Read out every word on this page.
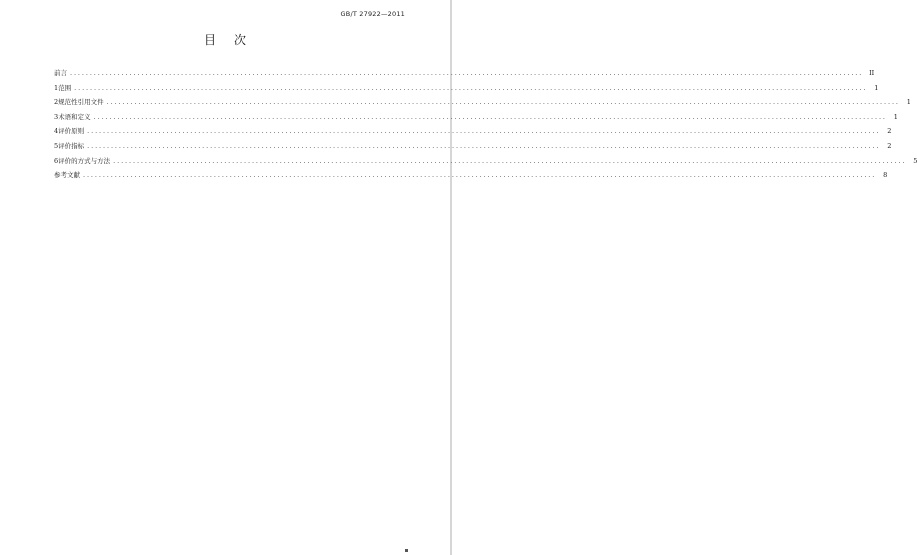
GB/T 27922—2011
目 次
前言 ........................................................................................................................................................................................................ II
1 范围 ........................................................................................................................................................................................................	1
2 规范性引用文件 ........................................................................................................................................................................................................	1
3 术语和定义 ........................................................................................................................................................................................................	1
4 评价原则 ........................................................................................................................................................................................................	2
5 评价指标 ........................................................................................................................................................................................................	2
6 评价的方式与方法 ........................................................................................................................................................................................................	5
参考文献 ........................................................................................................................................................................................................	8
